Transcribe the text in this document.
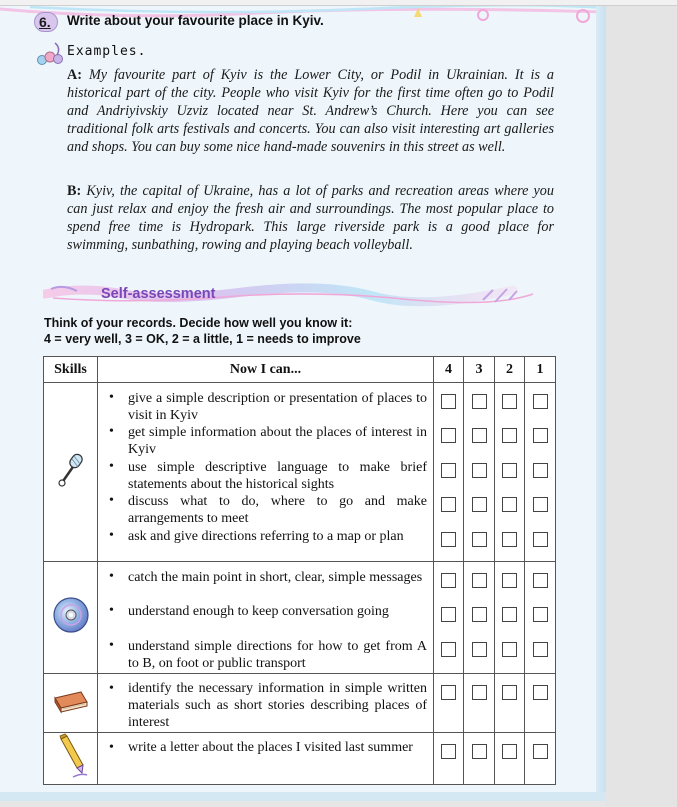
6. Write about your favourite place in Kyiv.
Examples.
A: My favourite part of Kyiv is the Lower City, or Podil in Ukrainian. It is a historical part of the city. People who visit Kyiv for the first time often go to Podil and Andriyivskiy Uzviz located near St. Andrew’s Church. Here you can see traditional folk arts festivals and concerts. You can also visit interesting art galleries and shops. You can buy some nice hand-made souvenirs in this street as well.
B: Kyiv, the capital of Ukraine, has a lot of parks and recreation areas where you can just relax and enjoy the fresh air and surroundings. The most popular place to spend free time is Hydropark. This large riverside park is a good place for swimming, sunbathing, rowing and playing beach volleyball.
Self-assessment
Think of your records. Decide how well you know it:
4 = very well, 3 = OK, 2 = a little, 1 = needs to improve
Skills	Now I can...	4	3	2	1

• give a simple description or presentation of places to visit in Kyiv
• get simple information about the places of interest in Kyiv
• use simple descriptive language to make brief statements about the historical sights
• discuss what to do, where to go and make arrangements to meet
• ask and give directions referring to a map or plan

• catch the main point in short, clear, simple messages
• understand enough to keep conversation going
• understand simple directions for how to get from A to B, on foot or public transport

• identify the necessary information in simple written materials such as short stories describing places of interest

• write a letter about the places I visited last summer
